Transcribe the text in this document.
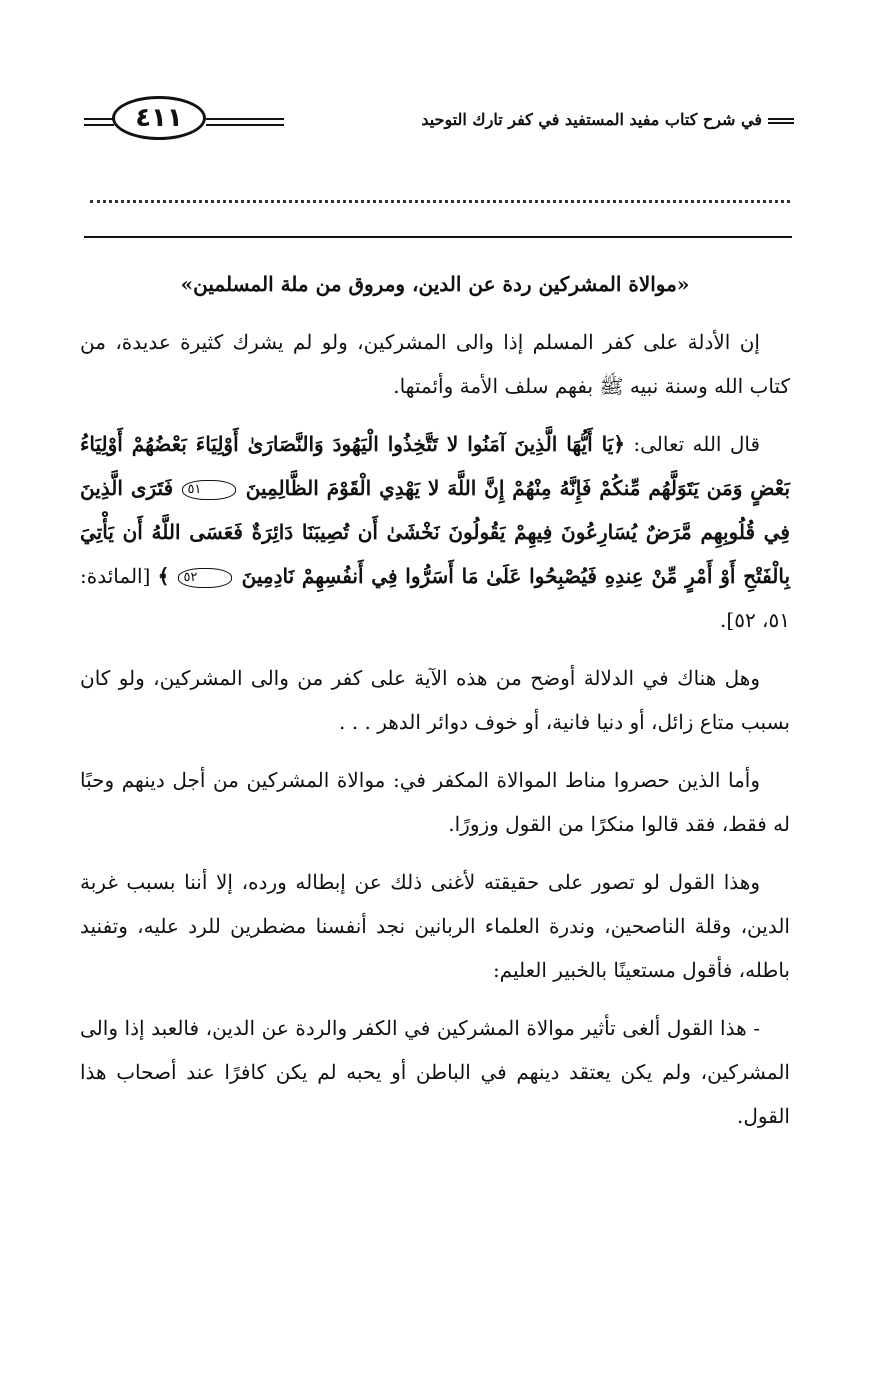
في شرح كتاب مفيد المستفيد في كفر تارك التوحيد
٤١١
«موالاة المشركين ردة عن الدين، ومروق من ملة المسلمين»

إن الأدلة على كفر المسلم إذا والى المشركين، ولو لم يشرك كثيرة عديدة، من كتاب الله وسنة نبيه ﷺ بفهم سلف الأمة وأئمتها.

قال الله تعالى: ﴿يَا أَيُّهَا الَّذِينَ آمَنُوا لا تَتَّخِذُوا الْيَهُودَ وَالنَّصَارَىٰ أَوْلِيَاءَ بَعْضُهُمْ أَوْلِيَاءُ بَعْضٍ وَمَن يَتَوَلَّهُم مِّنكُمْ فَإِنَّهُ مِنْهُمْ إِنَّ اللَّهَ لا يَهْدِي الْقَوْمَ الظَّالِمِينَ ٥١ فَتَرَى الَّذِينَ فِي قُلُوبِهِم مَّرَضٌ يُسَارِعُونَ فِيهِمْ يَقُولُونَ نَخْشَىٰ أَن تُصِيبَنَا دَائِرَةٌ فَعَسَى اللَّهُ أَن يَأْتِيَ بِالْفَتْحِ أَوْ أَمْرٍ مِّنْ عِندِهِ فَيُصْبِحُوا عَلَىٰ مَا أَسَرُّوا فِي أَنفُسِهِمْ نَادِمِينَ ٥٢ ﴾ [المائدة: ٥١، ٥٢].

وهل هناك في الدلالة أوضح من هذه الآية على كفر من والى المشركين، ولو كان بسبب متاع زائل، أو دنيا فانية، أو خوف دوائر الدهر . . .

وأما الذين حصروا مناط الموالاة المكفر في: موالاة المشركين من أجل دينهم وحبًا له فقط، فقد قالوا منكرًا من القول وزورًا.

وهذا القول لو تصور على حقيقته لأغنى ذلك عن إبطاله ورده، إلا أننا بسبب غربة الدين، وقلة الناصحين، وندرة العلماء الربانين نجد أنفسنا مضطرين للرد عليه، وتفنيد باطله، فأقول مستعينًا بالخبير العليم:

- هذا القول ألغى تأثير موالاة المشركين في الكفر والردة عن الدين، فالعبد إذا والى المشركين، ولم يكن يعتقد دينهم في الباطن أو يحبه لم يكن كافرًا عند أصحاب هذا القول.
